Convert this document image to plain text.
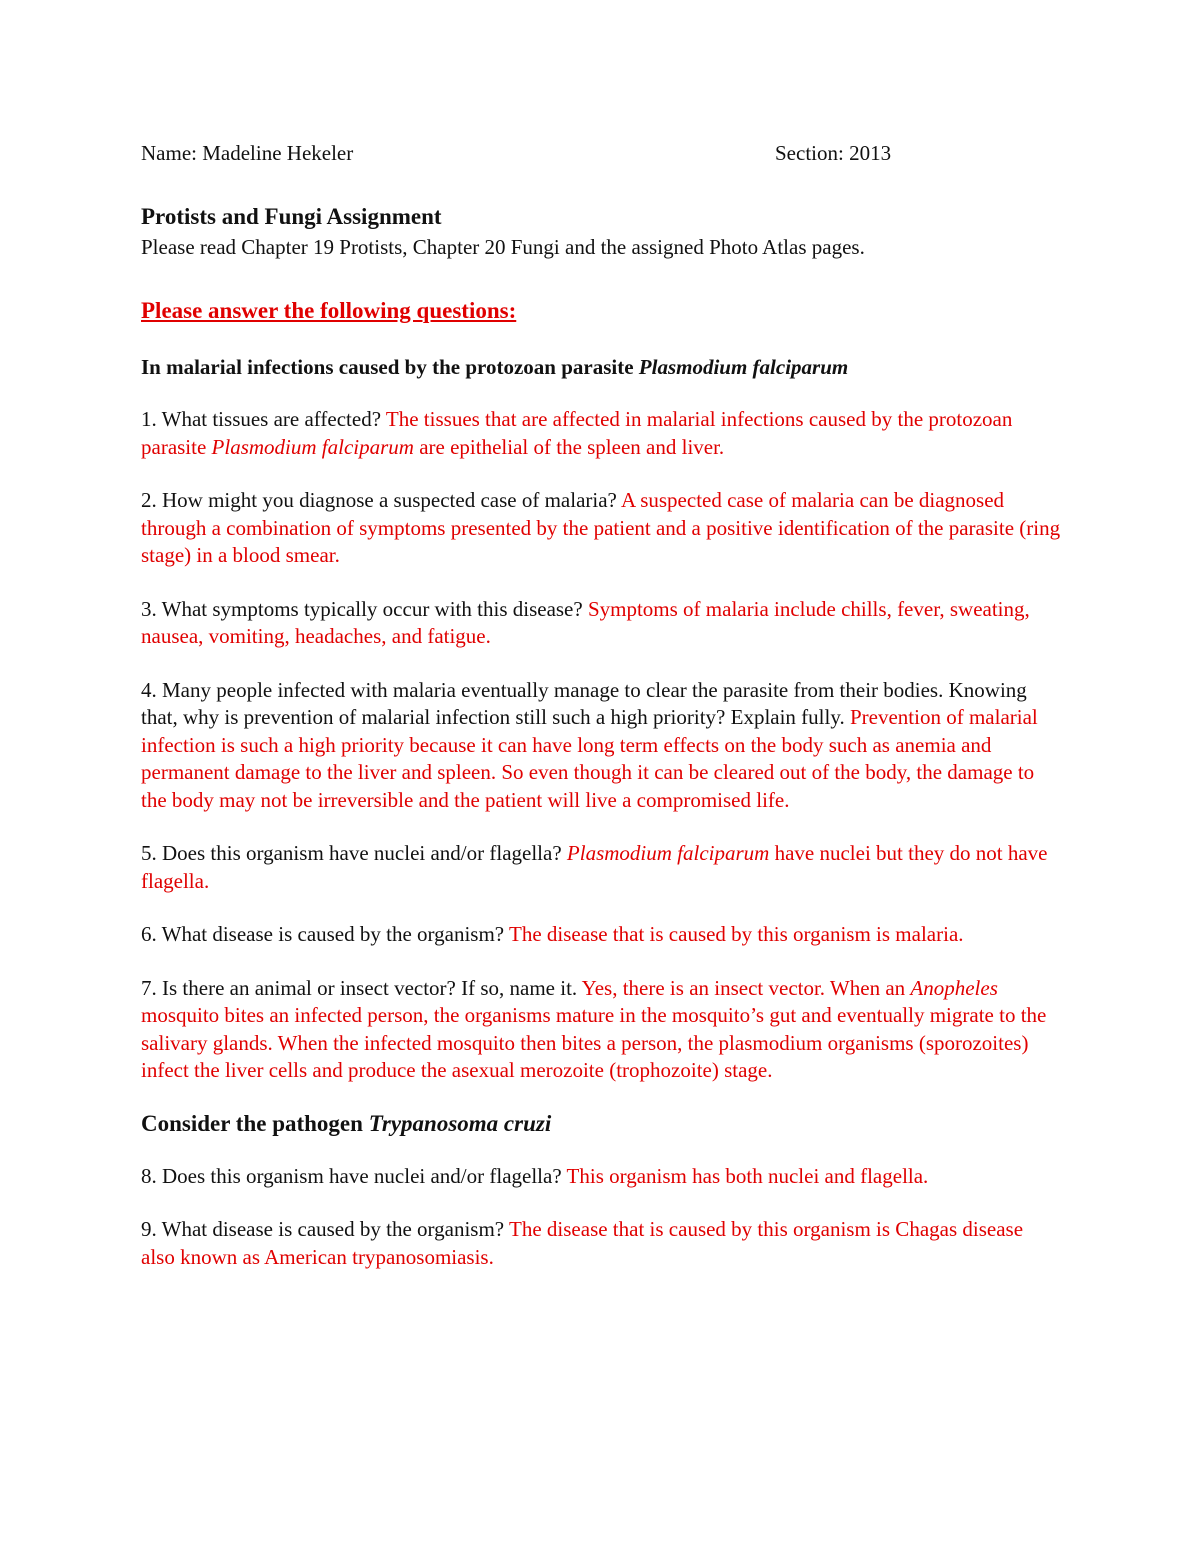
Name: Madeline Hekeler	Section: 2013
Protists and Fungi Assignment
Please read Chapter 19 Protists, Chapter 20 Fungi and the assigned Photo Atlas pages.
Please answer the following questions:
In malarial infections caused by the protozoan parasite Plasmodium falciparum
1. What tissues are affected? The tissues that are affected in malarial infections caused by the protozoan parasite Plasmodium falciparum are epithelial of the spleen and liver.
2. How might you diagnose a suspected case of malaria? A suspected case of malaria can be diagnosed through a combination of symptoms presented by the patient and a positive identification of the parasite (ring stage) in a blood smear.
3. What symptoms typically occur with this disease? Symptoms of malaria include chills, fever, sweating, nausea, vomiting, headaches, and fatigue.
4. Many people infected with malaria eventually manage to clear the parasite from their bodies. Knowing that, why is prevention of malarial infection still such a high priority? Explain fully. Prevention of malarial infection is such a high priority because it can have long term effects on the body such as anemia and permanent damage to the liver and spleen. So even though it can be cleared out of the body, the damage to the body may not be irreversible and the patient will live a compromised life.
5. Does this organism have nuclei and/or flagella? Plasmodium falciparum have nuclei but they do not have flagella.
6. What disease is caused by the organism? The disease that is caused by this organism is malaria.
7. Is there an animal or insect vector? If so, name it. Yes, there is an insect vector. When an Anopheles mosquito bites an infected person, the organisms mature in the mosquito’s gut and eventually migrate to the salivary glands. When the infected mosquito then bites a person, the plasmodium organisms (sporozoites) infect the liver cells and produce the asexual merozoite (trophozoite) stage.
Consider the pathogen Trypanosoma cruzi
8. Does this organism have nuclei and/or flagella? This organism has both nuclei and flagella.
9. What disease is caused by the organism? The disease that is caused by this organism is Chagas disease also known as American trypanosomiasis.
